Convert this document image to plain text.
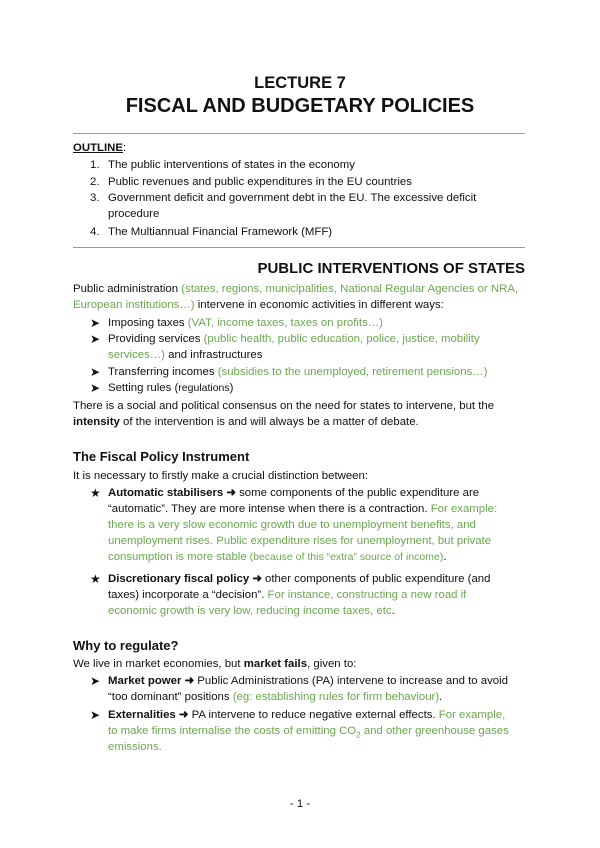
LECTURE 7
FISCAL AND BUDGETARY POLICIES
OUTLINE:
1. The public interventions of states in the economy
2. Public revenues and public expenditures in the EU countries
3. Government deficit and government debt in the EU. The excessive deficit
procedure
4. The Multiannual Financial Framework (MFF)
PUBLIC INTERVENTIONS OF STATES
Public administration (states, regions, municipalities, National Regular Agencies or NRA,
European institutions…) intervene in economic activities in different ways:
➤ Imposing taxes (VAT, income taxes, taxes on profits…)
➤ Providing services (public health, public education, police, justice, mobility
services…) and infrastructures
➤ Transferring incomes (subsidies to the unemployed, retirement pensions…)
➤ Setting rules (regulations)
There is a social and political consensus on the need for states to intervene, but the
intensity of the intervention is and will always be a matter of debate.
The Fiscal Policy Instrument
It is necessary to firstly make a crucial distinction between:
★ Automatic stabilisers ➜ some components of the public expenditure are
“automatic”. They are more intense when there is a contraction. For example:
there is a very slow economic growth due to unemployment benefits, and
unemployment rises. Public expenditure rises for unemployment, but private
consumption is more stable (because of this “extra” source of income).
★ Discretionary fiscal policy ➜ other components of public expenditure (and
taxes) incorporate a “decision”. For instance, constructing a new road if
economic growth is very low, reducing income taxes, etc.
Why to regulate?
We live in market economies, but market fails, given to:
➤ Market power ➜ Public Administrations (PA) intervene to increase and to avoid
“too dominant” positions (eg: establishing rules for firm behaviour).
➤ Externalities ➜ PA intervene to reduce negative external effects. For example,
to make firms internalise the costs of emitting $CO_2$ and other greenhouse gases
emissions.
- 1 -
